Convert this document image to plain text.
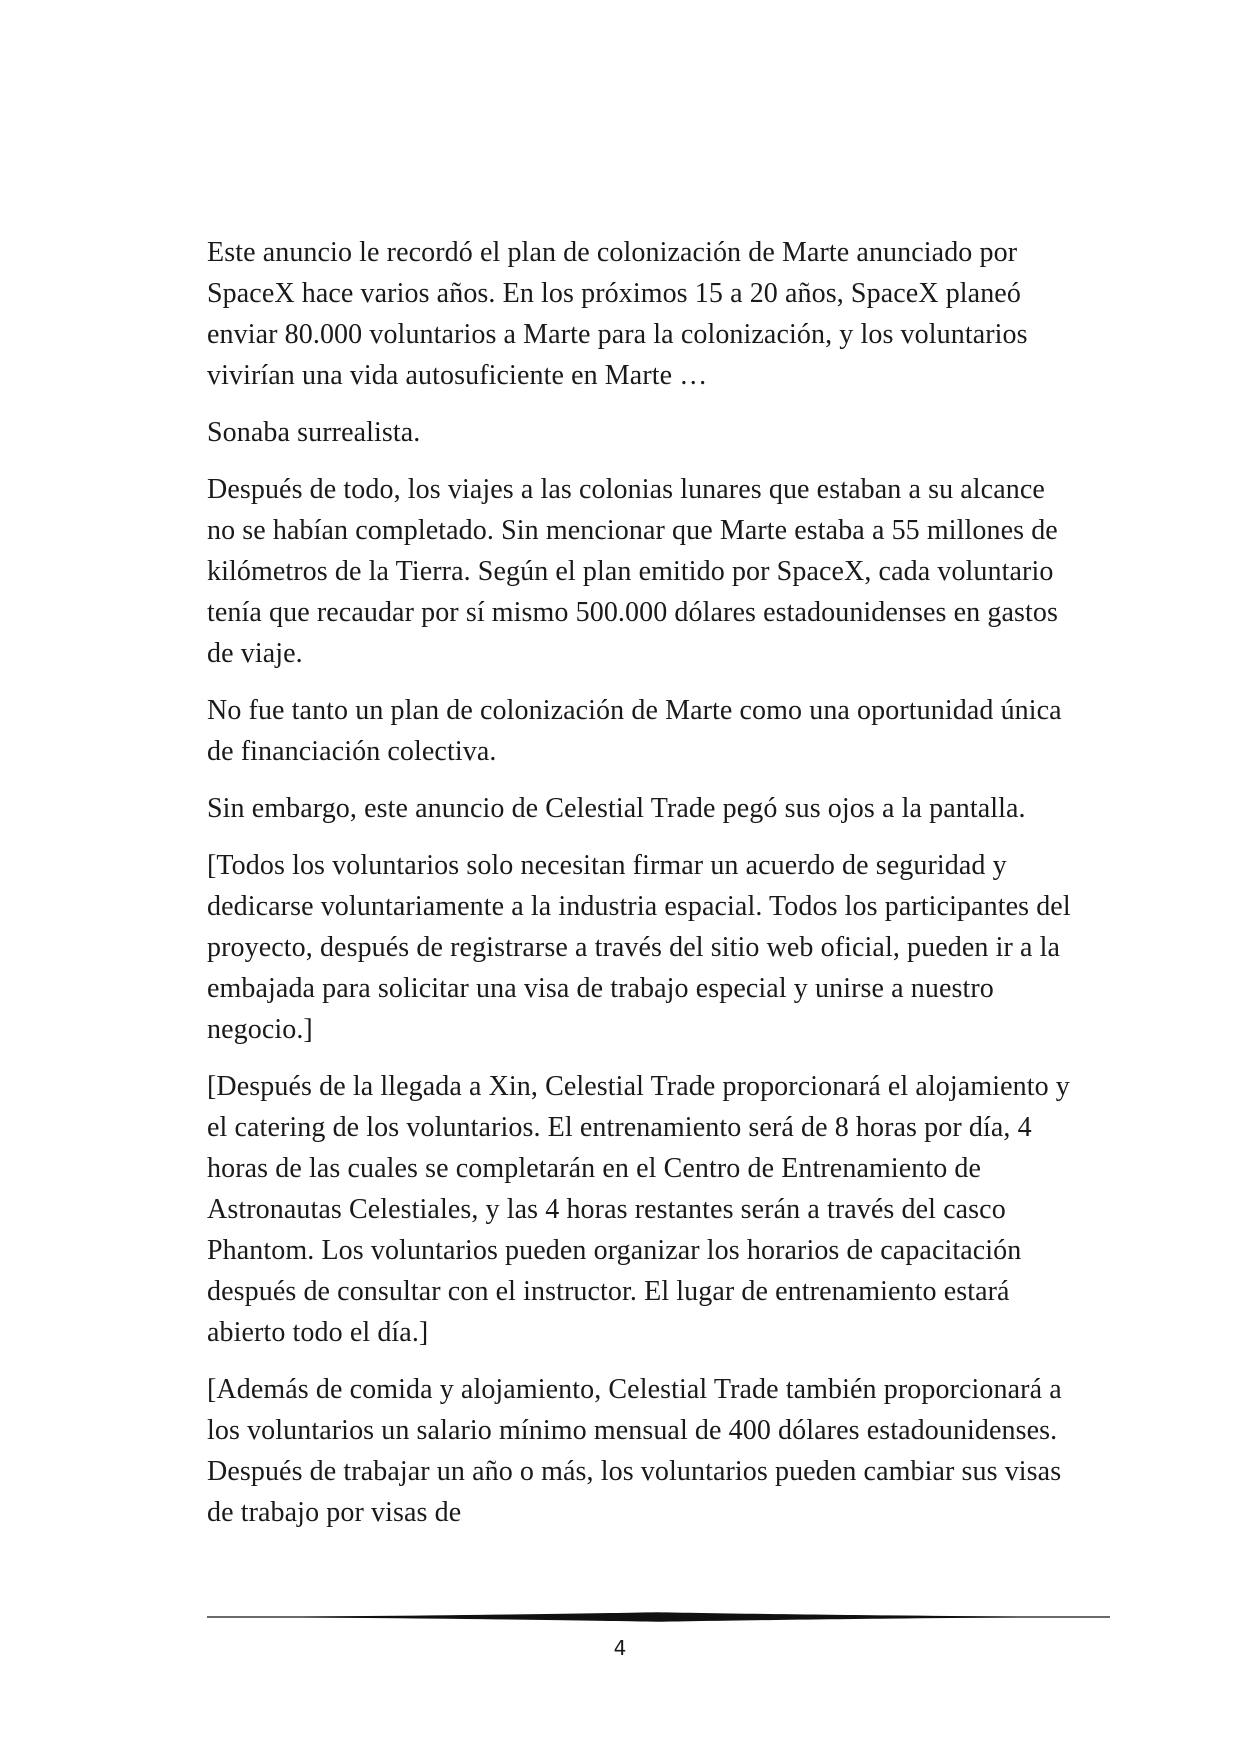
Este anuncio le recordó el plan de colonización de Marte anunciado por SpaceX hace varios años. En los próximos 15 a 20 años, SpaceX planeó enviar 80.000 voluntarios a Marte para la colonización, y los voluntarios vivirían una vida autosuficiente en Marte …

Sonaba surrealista.

Después de todo, los viajes a las colonias lunares que estaban a su alcance no se habían completado. Sin mencionar que Marte estaba a 55 millones de kilómetros de la Tierra. Según el plan emitido por SpaceX, cada voluntario tenía que recaudar por sí mismo 500.000 dólares estadounidenses en gastos de viaje.

No fue tanto un plan de colonización de Marte como una oportunidad única de financiación colectiva.

Sin embargo, este anuncio de Celestial Trade pegó sus ojos a la pantalla.

[Todos los voluntarios solo necesitan firmar un acuerdo de seguridad y dedicarse voluntariamente a la industria espacial. Todos los participantes del proyecto, después de registrarse a través del sitio web oficial, pueden ir a la embajada para solicitar una visa de trabajo especial y unirse a nuestro negocio.]

[Después de la llegada a Xin, Celestial Trade proporcionará el alojamiento y el catering de los voluntarios. El entrenamiento será de 8 horas por día, 4 horas de las cuales se completarán en el Centro de Entrenamiento de Astronautas Celestiales, y las 4 horas restantes serán a través del casco Phantom. Los voluntarios pueden organizar los horarios de capacitación después de consultar con el instructor. El lugar de entrenamiento estará abierto todo el día.]

[Además de comida y alojamiento, Celestial Trade también proporcionará a los voluntarios un salario mínimo mensual de 400 dólares estadounidenses. Después de trabajar un año o más, los voluntarios pueden cambiar sus visas de trabajo por visas de

4
